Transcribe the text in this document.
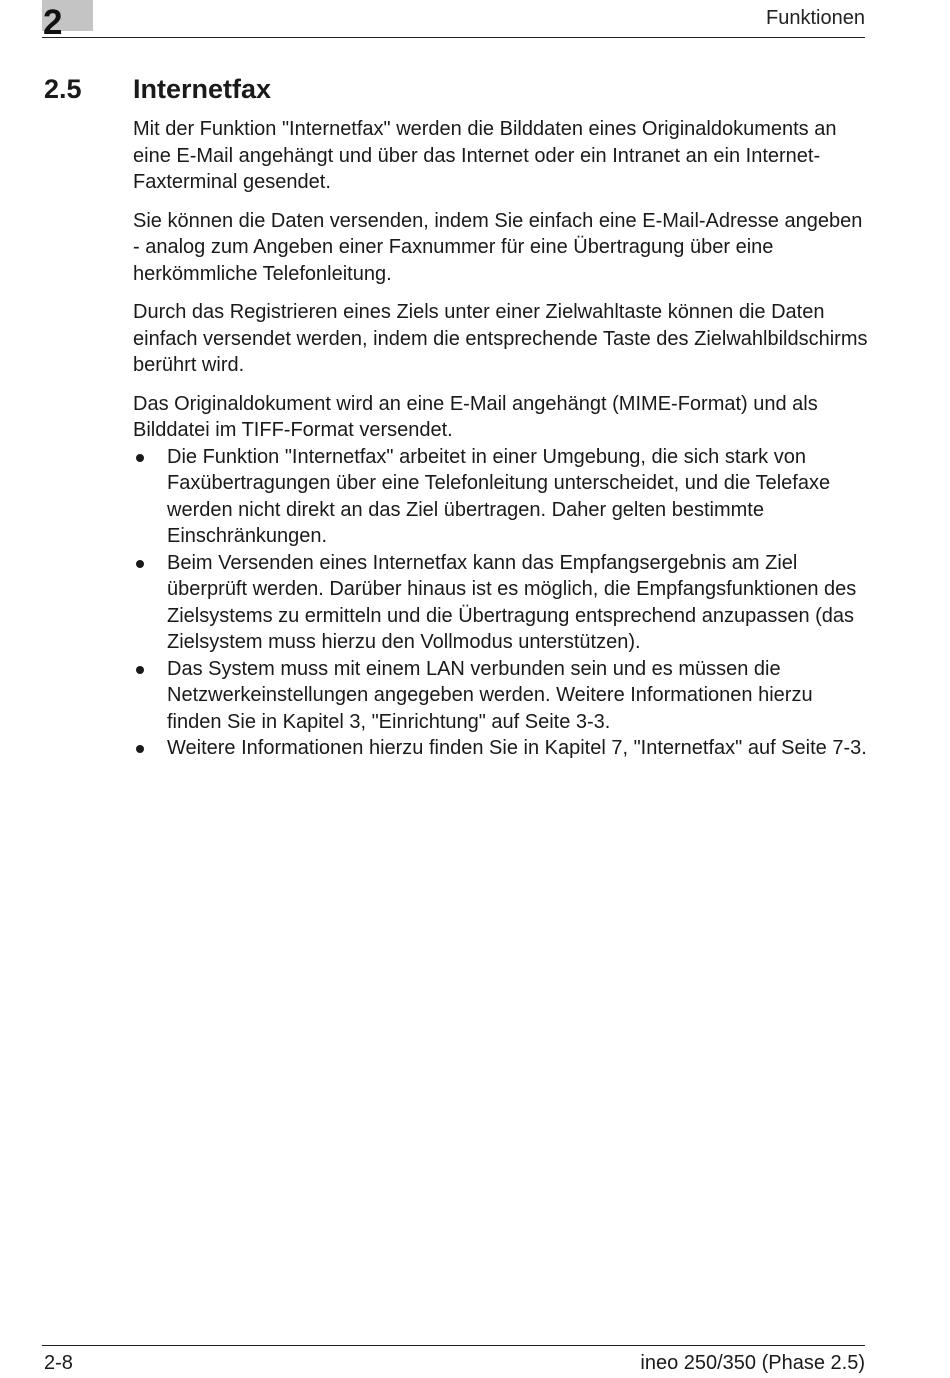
2	Funktionen
2.5 Internetfax

Mit der Funktion "Internetfax" werden die Bilddaten eines Originaldokuments an eine E-Mail angehängt und über das Internet oder ein Intranet an ein Internet-Faxterminal gesendet.

Sie können die Daten versenden, indem Sie einfach eine E-Mail-Adresse angeben - analog zum Angeben einer Faxnummer für eine Übertragung über eine herkömmliche Telefonleitung.

Durch das Registrieren eines Ziels unter einer Zielwahltaste können die Daten einfach versendet werden, indem die entsprechende Taste des Zielwahlbildschirms berührt wird.

Das Originaldokument wird an eine E-Mail angehängt (MIME-Format) und als Bilddatei im TIFF-Format versendet.

Die Funktion "Internetfax" arbeitet in einer Umgebung, die sich stark von Faxübertragungen über eine Telefonleitung unterscheidet, und die Telefaxe werden nicht direkt an das Ziel übertragen. Daher gelten bestimmte Einschränkungen.
Beim Versenden eines Internetfax kann das Empfangsergebnis am Ziel überprüft werden. Darüber hinaus ist es möglich, die Empfangsfunktionen des Zielsystems zu ermitteln und die Übertragung entsprechend anzupassen (das Zielsystem muss hierzu den Vollmodus unterstützen).
Das System muss mit einem LAN verbunden sein und es müssen die Netzwerkeinstellungen angegeben werden. Weitere Informationen hierzu finden Sie in Kapitel 3, "Einrichtung" auf Seite 3-3.
Weitere Informationen hierzu finden Sie in Kapitel 7, "Internetfax" auf Seite 7-3.
2-8	ineo 250/350 (Phase 2.5)
